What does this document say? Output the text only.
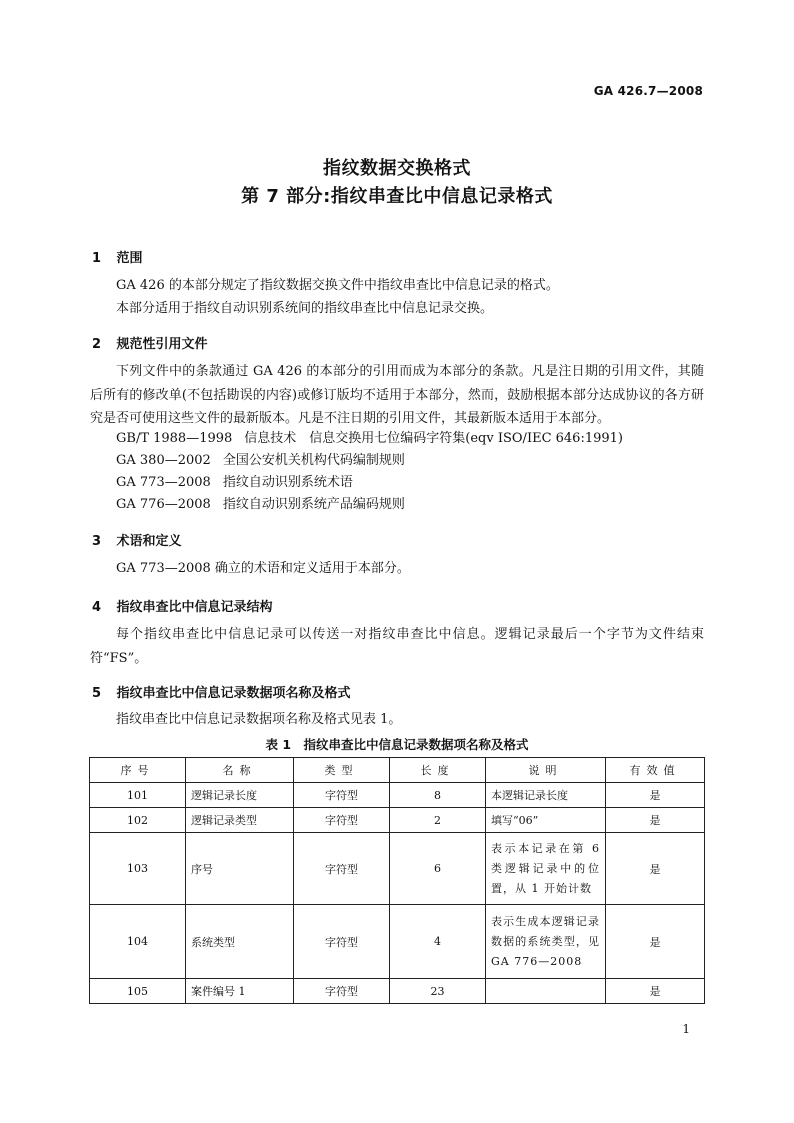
GA 426.7—2008
指纹数据交换格式
第 7 部分:指纹串查比中信息记录格式
1 范围
GA 426 的本部分规定了指纹数据交换文件中指纹串查比中信息记录的格式。
本部分适用于指纹自动识别系统间的指纹串查比中信息记录交换。
2 规范性引用文件
下列文件中的条款通过 GA 426 的本部分的引用而成为本部分的条款。凡是注日期的引用文件，其随后所有的修改单(不包括勘误的内容)或修订版均不适用于本部分，然而，鼓励根据本部分达成协议的各方研究是否可使用这些文件的最新版本。凡是不注日期的引用文件，其最新版本适用于本部分。
GB/T 1988—1998 信息技术　信息交换用七位编码字符集(eqv ISO/IEC 646:1991)
GA 380—2002 全国公安机关机构代码编制规则
GA 773—2008 指纹自动识别系统术语
GA 776—2008 指纹自动识别系统产品编码规则
3 术语和定义
GA 773—2008 确立的术语和定义适用于本部分。
4 指纹串查比中信息记录结构
每个指纹串查比中信息记录可以传送一对指纹串查比中信息。逻辑记录最后一个字节为文件结束符“FS”。
5 指纹串查比中信息记录数据项名称及格式
指纹串查比中信息记录数据项名称及格式见表 1。
表 1　指纹串查比中信息记录数据项名称及格式
序号	名称	类型	长度	说明	有效值
101	逻辑记录长度	字符型	8	本逻辑记录长度	是
102	逻辑记录类型	字符型	2	填写“06”	是
103	序号	字符型	6	表示本记录在第 6 类逻辑记录中的位置，从 1 开始计数	是
104	系统类型	字符型	4	表示生成本逻辑记录数据的系统类型，见 GA 776—2008	是
105	案件编号 1	字符型	23		是
1
